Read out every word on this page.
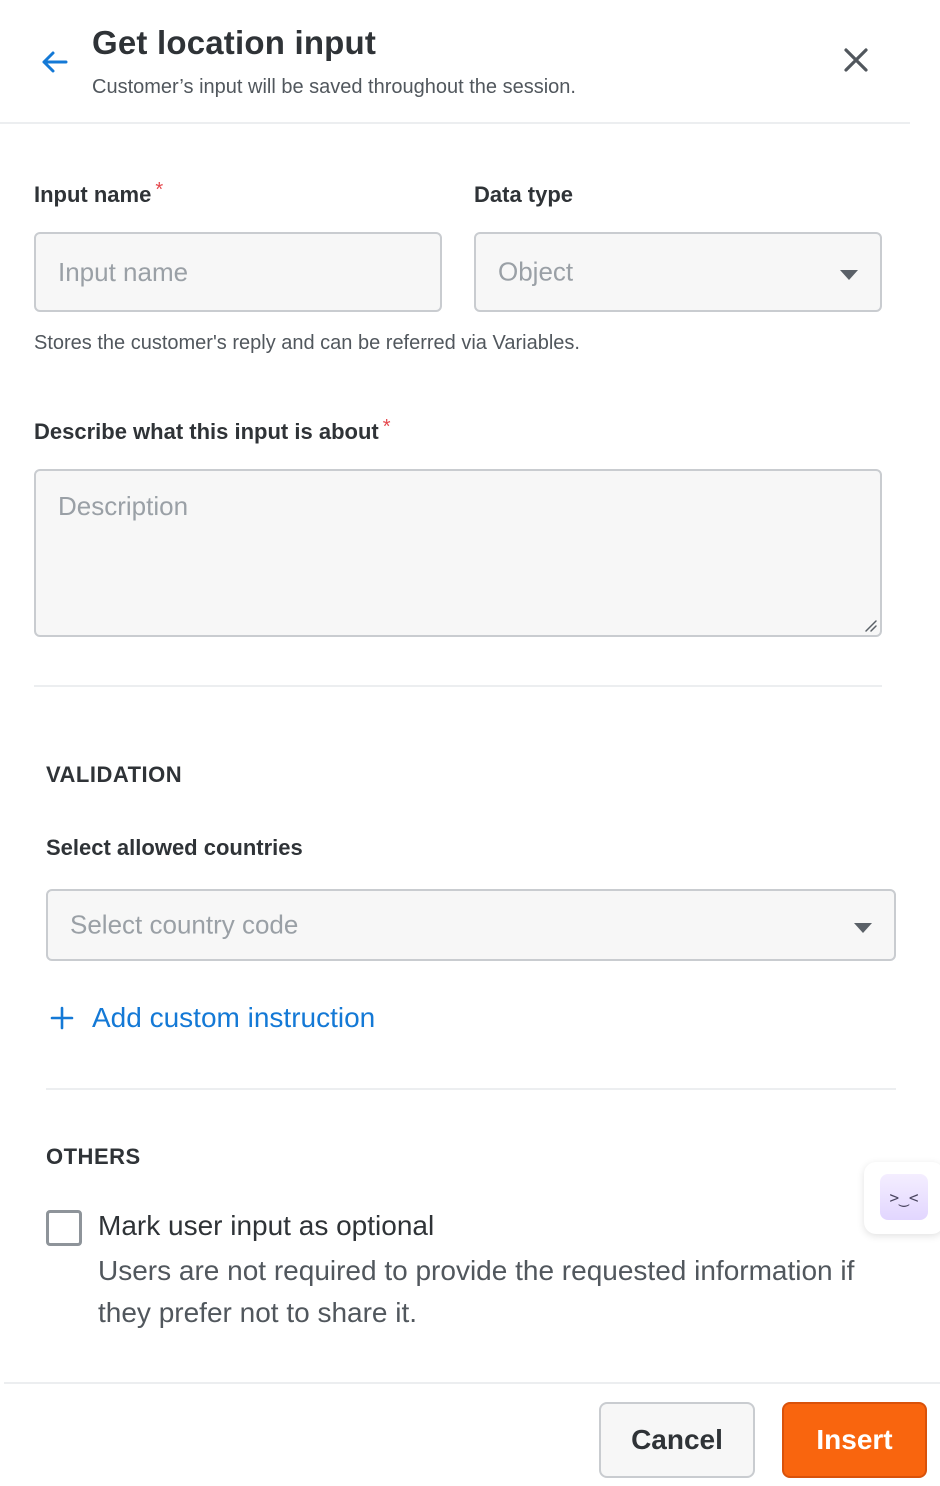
Get location input
Customer’s input will be saved throughout the session.
Input name *
Input name	Data type
Object
Stores the customer's reply and can be referred via Variables.
Describe what this input is about *
Description
VALIDATION
Select allowed countries
Select country code
Add custom instruction
OTHERS
Mark user input as optional
Users are not required to provide the requested information if they prefer not to share it.
>‿<
Cancel	Insert
